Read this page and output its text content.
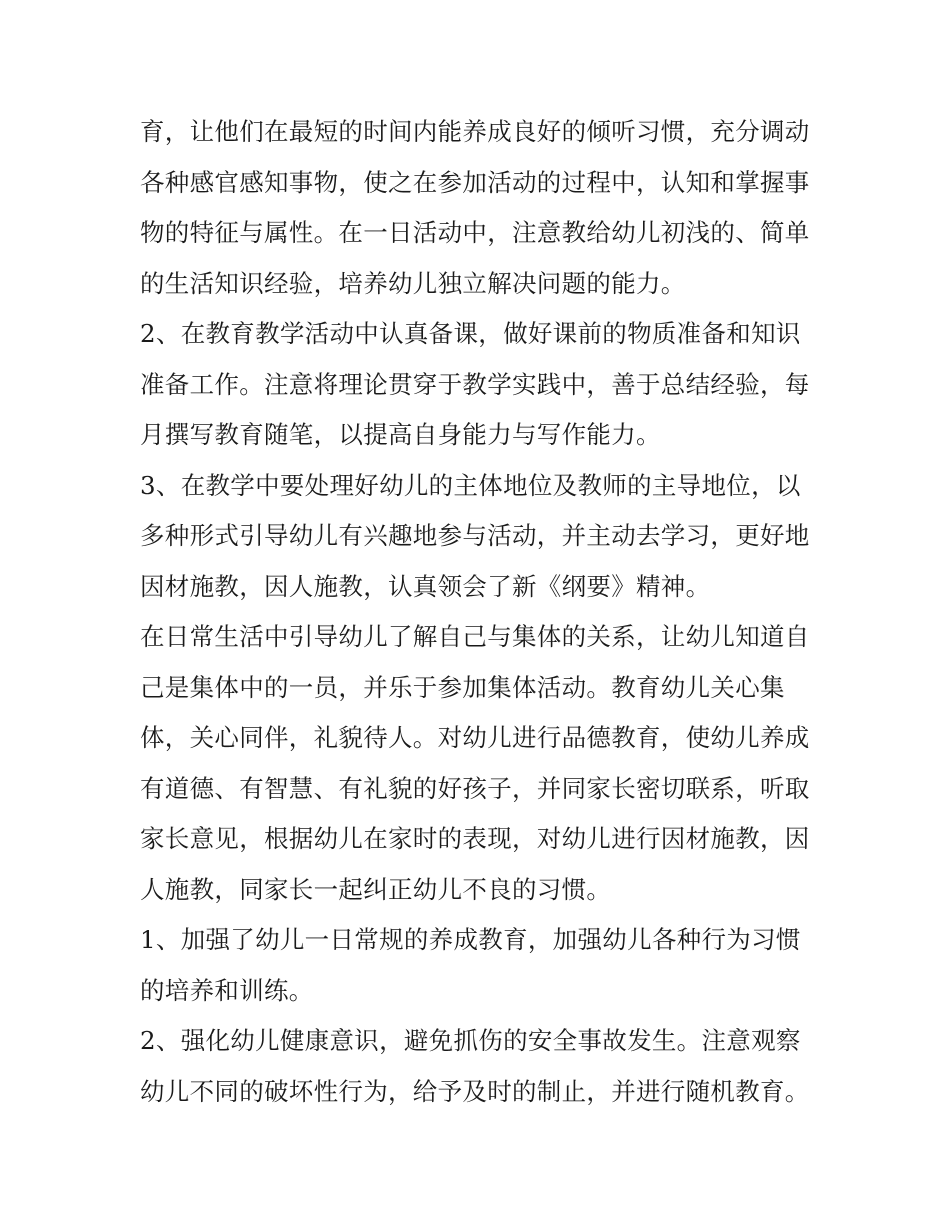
育，让他们在最短的时间内能养成良好的倾听习惯，充分调动

各种感官感知事物，使之在参加活动的过程中，认知和掌握事

物的特征与属性。在一日活动中，注意教给幼儿初浅的、简单

的生活知识经验，培养幼儿独立解决问题的能力。

2、在教育教学活动中认真备课，做好课前的物质准备和知识

准备工作。注意将理论贯穿于教学实践中，善于总结经验，每

月撰写教育随笔，以提高自身能力与写作能力。

3、在教学中要处理好幼儿的主体地位及教师的主导地位，以

多种形式引导幼儿有兴趣地参与活动，并主动去学习，更好地

因材施教，因人施教，认真领会了新《纲要》精神。

在日常生活中引导幼儿了解自己与集体的关系，让幼儿知道自

己是集体中的一员，并乐于参加集体活动。教育幼儿关心集

体，关心同伴，礼貌待人。对幼儿进行品德教育，使幼儿养成

有道德、有智慧、有礼貌的好孩子，并同家长密切联系，听取

家长意见，根据幼儿在家时的表现，对幼儿进行因材施教，因

人施教，同家长一起纠正幼儿不良的习惯。

1、加强了幼儿一日常规的养成教育，加强幼儿各种行为习惯

的培养和训练。

2、强化幼儿健康意识，避免抓伤的安全事故发生。注意观察

幼儿不同的破坏性行为，给予及时的制止，并进行随机教育。
